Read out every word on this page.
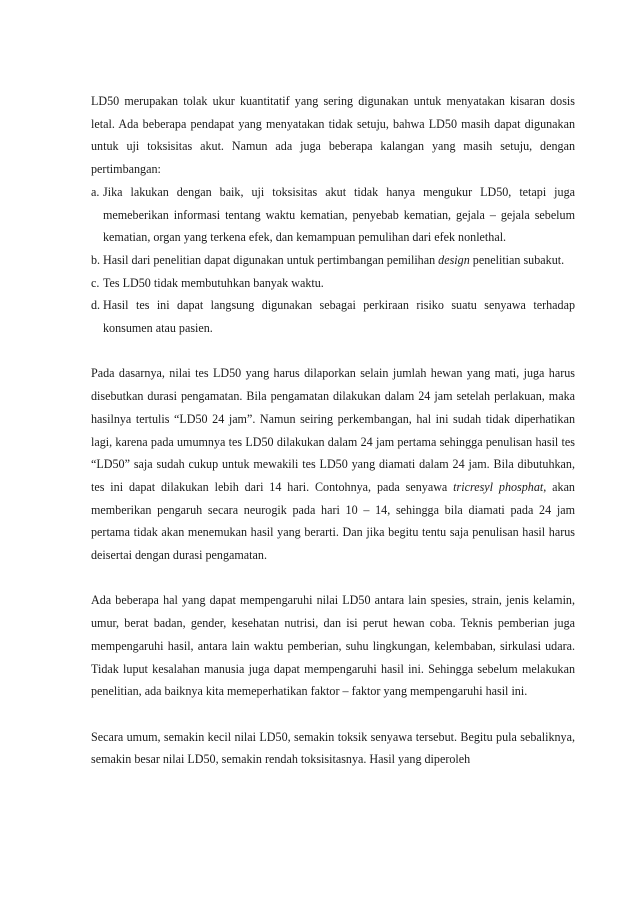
LD50 merupakan tolak ukur kuantitatif yang sering digunakan untuk menyatakan kisaran dosis letal. Ada beberapa pendapat yang menyatakan tidak setuju, bahwa LD50 masih dapat digunakan untuk uji toksisitas akut. Namun ada juga beberapa kalangan yang masih setuju, dengan pertimbangan:

a. Jika lakukan dengan baik, uji toksisitas akut tidak hanya mengukur LD50, tetapi juga memeberikan informasi tentang waktu kematian, penyebab kematian, gejala – gejala sebelum kematian, organ yang terkena efek, dan kemampuan pemulihan dari efek nonlethal.
b. Hasil dari penelitian dapat digunakan untuk pertimbangan pemilihan design penelitian subakut.
c. Tes LD50 tidak membutuhkan banyak waktu.
d. Hasil tes ini dapat langsung digunakan sebagai perkiraan risiko suatu senyawa terhadap konsumen atau pasien.

Pada dasarnya, nilai tes LD50 yang harus dilaporkan selain jumlah hewan yang mati, juga harus disebutkan durasi pengamatan. Bila pengamatan dilakukan dalam 24 jam setelah perlakuan, maka hasilnya tertulis “LD50 24 jam”. Namun seiring perkembangan, hal ini sudah tidak diperhatikan lagi, karena pada umumnya tes LD50 dilakukan dalam 24 jam pertama sehingga penulisan hasil tes “LD50” saja sudah cukup untuk mewakili tes LD50 yang diamati dalam 24 jam. Bila dibutuhkan, tes ini dapat dilakukan lebih dari 14 hari. Contohnya, pada senyawa tricresyl phosphat, akan memberikan pengaruh secara neurogik pada hari 10 – 14, sehingga bila diamati pada 24 jam pertama tidak akan menemukan hasil yang berarti. Dan jika begitu tentu saja penulisan hasil harus deisertai dengan durasi pengamatan.

Ada beberapa hal yang dapat mempengaruhi nilai LD50 antara lain spesies, strain, jenis kelamin, umur, berat badan, gender, kesehatan nutrisi, dan isi perut hewan coba. Teknis pemberian juga mempengaruhi hasil, antara lain waktu pemberian, suhu lingkungan, kelembaban, sirkulasi udara. Tidak luput kesalahan manusia juga dapat mempengaruhi hasil ini. Sehingga sebelum melakukan penelitian, ada baiknya kita memeperhatikan faktor – faktor yang mempengaruhi hasil ini.

Secara umum, semakin kecil nilai LD50, semakin toksik senyawa tersebut. Begitu pula sebaliknya, semakin besar nilai LD50, semakin rendah toksisitasnya. Hasil yang diperoleh
